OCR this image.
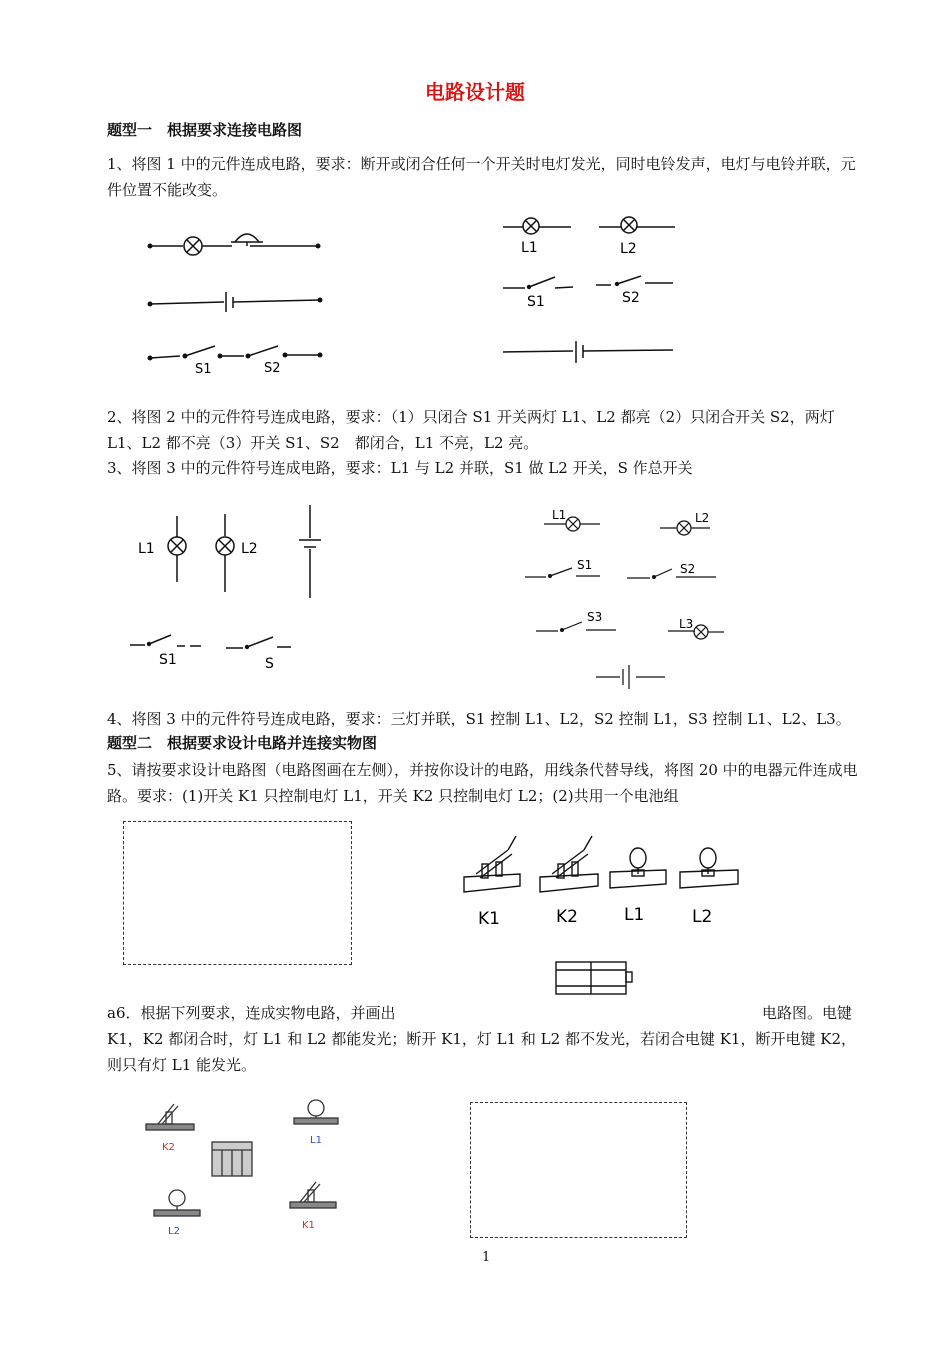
电路设计题
题型一　根据要求连接电路图
1、将图 1 中的元件连成电路，要求：断开或闭合任何一个开关时电灯发光，同时电铃发声，电灯与电铃并联，元件位置不能改变。
S1	S2
L1	L2
S1	S2
2、将图 2 中的元件符号连成电路，要求：（1）只闭合 S1 开关两灯 L1、L2 都亮（2）只闭合开关 S2，两灯 L1、L2 都不亮（3）开关 S1、S2　都闭合，L1 不亮，L2 亮。
3、将图 3 中的元件符号连成电路，要求：L1 与 L2 并联，S1 做 L2 开关，S 作总开关
L1	L2
S1	S
L1	L2
S1	S2
S3	L3
4、将图 3 中的元件符号连成电路，要求：三灯并联，S1 控制 L1、L2，S2 控制 L1，S3 控制 L1、L2、L3。
题型二　根据要求设计电路并连接实物图
5、请按要求设计电路图（电路图画在左侧），并按你设计的电路，用线条代替导线，将图 20 中的电器元件连成电路。要求：(1)开关 K1 只控制电灯 L1，开关 K2 只控制电灯 L2；(2)共用一个电池组
K1	K2	L1	L2
a6．根据下列要求，连成实物电路，并画出	电路图。电键
K1，K2 都闭合时，灯 L1 和 L2 都能发光；断开 K1，灯 L1 和 L2 都不发光，若闭合电键 K1，断开电键 K2，则只有灯 L1 能发光。
K2
L1
L2
K1
1
